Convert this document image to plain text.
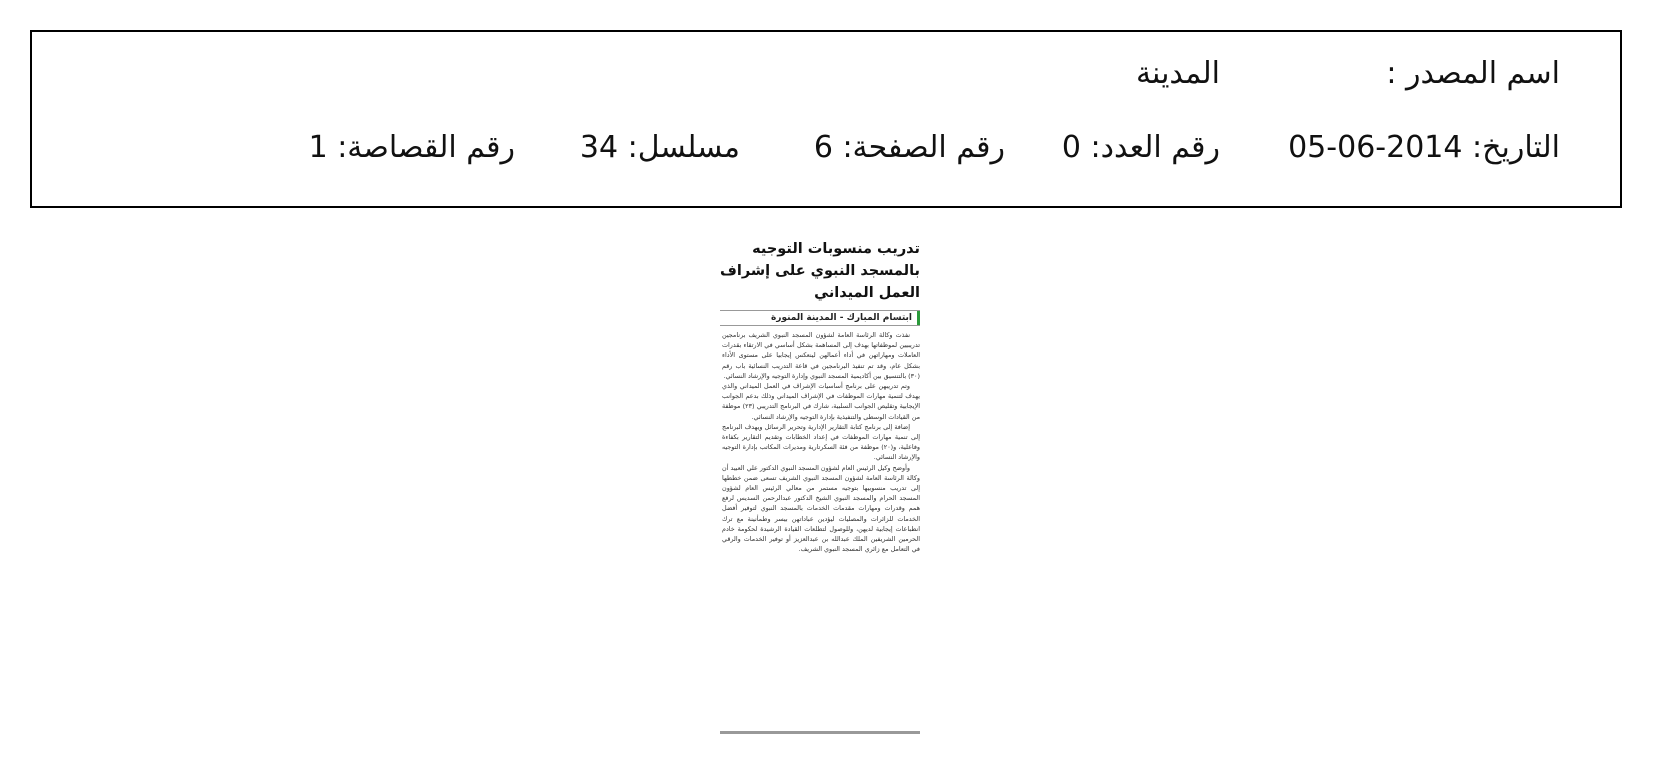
اسم المصدر :
المدينة
التاريخ: 2014-06-05
رقم العدد: 0
رقم الصفحة: 6
مسلسل: 34
رقم القصاصة: 1
تدريب منسوبات التوجيه بالمسجد النبوي على إشراف العمل الميداني
ابتسام المبارك - المدينة المنورة

نفذت وكالة الرئاسة العامة لشؤون المسجد النبوي الشريف برنامجين تدريبيين لموظفاتها بهدف إلى المساهمة بشكل أساسي في الارتقاء بقدرات العاملات ومهاراتهن في أداء أعمالهن لينعكس إيجابيا على مستوى الأداء بشكل عام، وقد تم تنفيذ البرنامجين في قاعة التدريب النسائية باب رقم (٣٠) بالتنسيق بين أكاديمية المسجد النبوي وإدارة التوجيه والإرشاد النسائي.

وتم تدريبهن على برنامج أساسيات الإشراف في العمل الميداني والذي يهدف لتنمية مهارات الموظفات في الإشراف الميداني وذلك بدعم الجوانب الإيجابية وتقليص الجوانب السلبية، شارك في البرنامج التدريبي (٢٣) موظفة من القيادات الوسطى والتنفيذية بإدارة التوجيه والإرشاد النسائي.

إضافة إلى برنامج كتابة التقارير الإدارية وتحرير الرسائل ويهدف البرنامج إلى تنمية مهارات الموظفات في إعداد الخطابات وتقديم التقارير بكفاءة وفاعلية، و(٢٠) موظفة من فئة السكرتارية ومديرات المكاتب بإدارة التوجيه والإرشاد النسائي.

وأوضح وكيل الرئيس العام لشؤون المسجد النبوي الدكتور علي العبيد أن وكالة الرئاسة العامة لشؤون المسجد النبوي الشريف تسعى ضمن خططها إلى تدريب منسوبيها بتوجيه مستمر من معالي الرئيس العام لشؤون المسجد الحرام والمسجد النبوي الشيخ الدكتور عبدالرحمن السديس لرفع همم وقدرات ومهارات مقدمات الخدمات بالمسجد النبوي لتوفير أفضل الخدمات للزائرات والمصليات ليؤدين عباداتهن بيسر وطمأنينة مع ترك انطباعات إيجابية لديهن، وللوصول لتطلعات القيادة الرشيدة لحكومة خادم الحرمين الشريفين الملك عبدالله بن عبدالعزيز أو توفير الخدمات والرقي في التعامل مع زائري المسجد النبوي الشريف.
